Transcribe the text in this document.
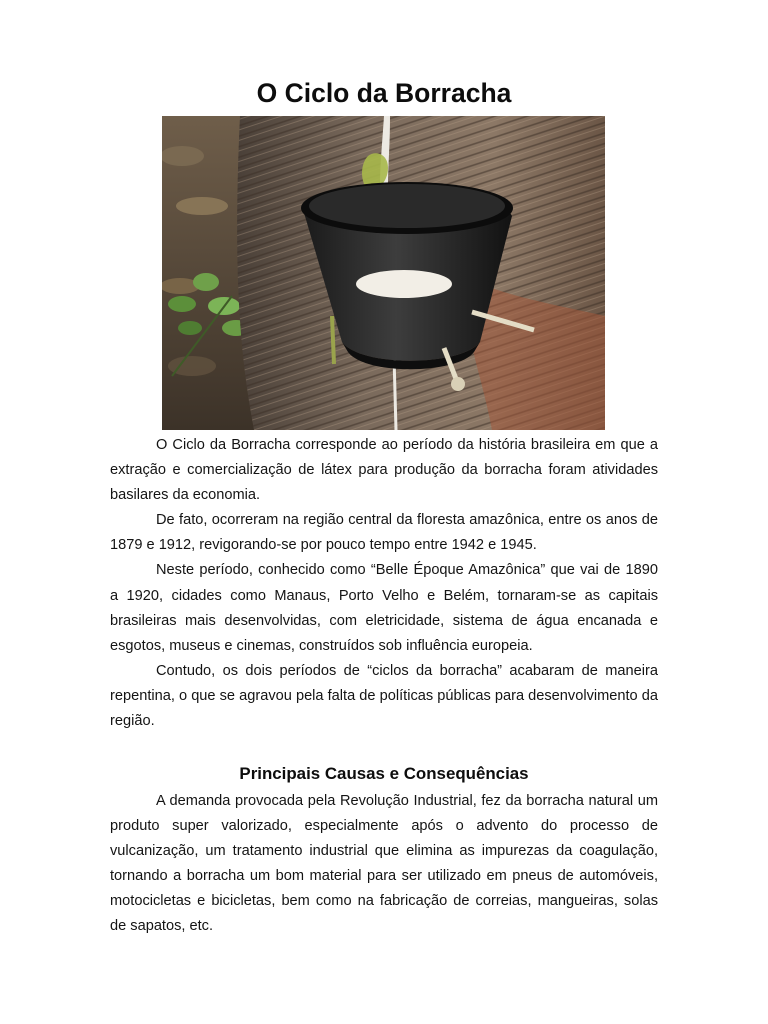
O Ciclo da Borracha

O Ciclo da Borracha corresponde ao período da história brasileira em que a extração e comercialização de látex para produção da borracha foram atividades basilares da economia.

De fato, ocorreram na região central da floresta amazônica, entre os anos de 1879 e 1912, revigorando-se por pouco tempo entre 1942 e 1945.

Neste período, conhecido como “Belle Époque Amazônica” que vai de 1890 a 1920, cidades como Manaus, Porto Velho e Belém, tornaram-se as capitais brasileiras mais desenvolvidas, com eletricidade, sistema de água encanada e esgotos, museus e cinemas, construídos sob influência europeia.

Contudo, os dois períodos de “ciclos da borracha” acabaram de maneira repentina, o que se agravou pela falta de políticas públicas para desenvolvimento da região.

Principais Causas e Consequências

A demanda provocada pela Revolução Industrial, fez da borracha natural um produto super valorizado, especialmente após o advento do processo de vulcanização, um tratamento industrial que elimina as impurezas da coagulação, tornando a borracha um bom material para ser utilizado em pneus de automóveis, motocicletas e bicicletas, bem como na fabricação de correias, mangueiras, solas de sapatos, etc.
